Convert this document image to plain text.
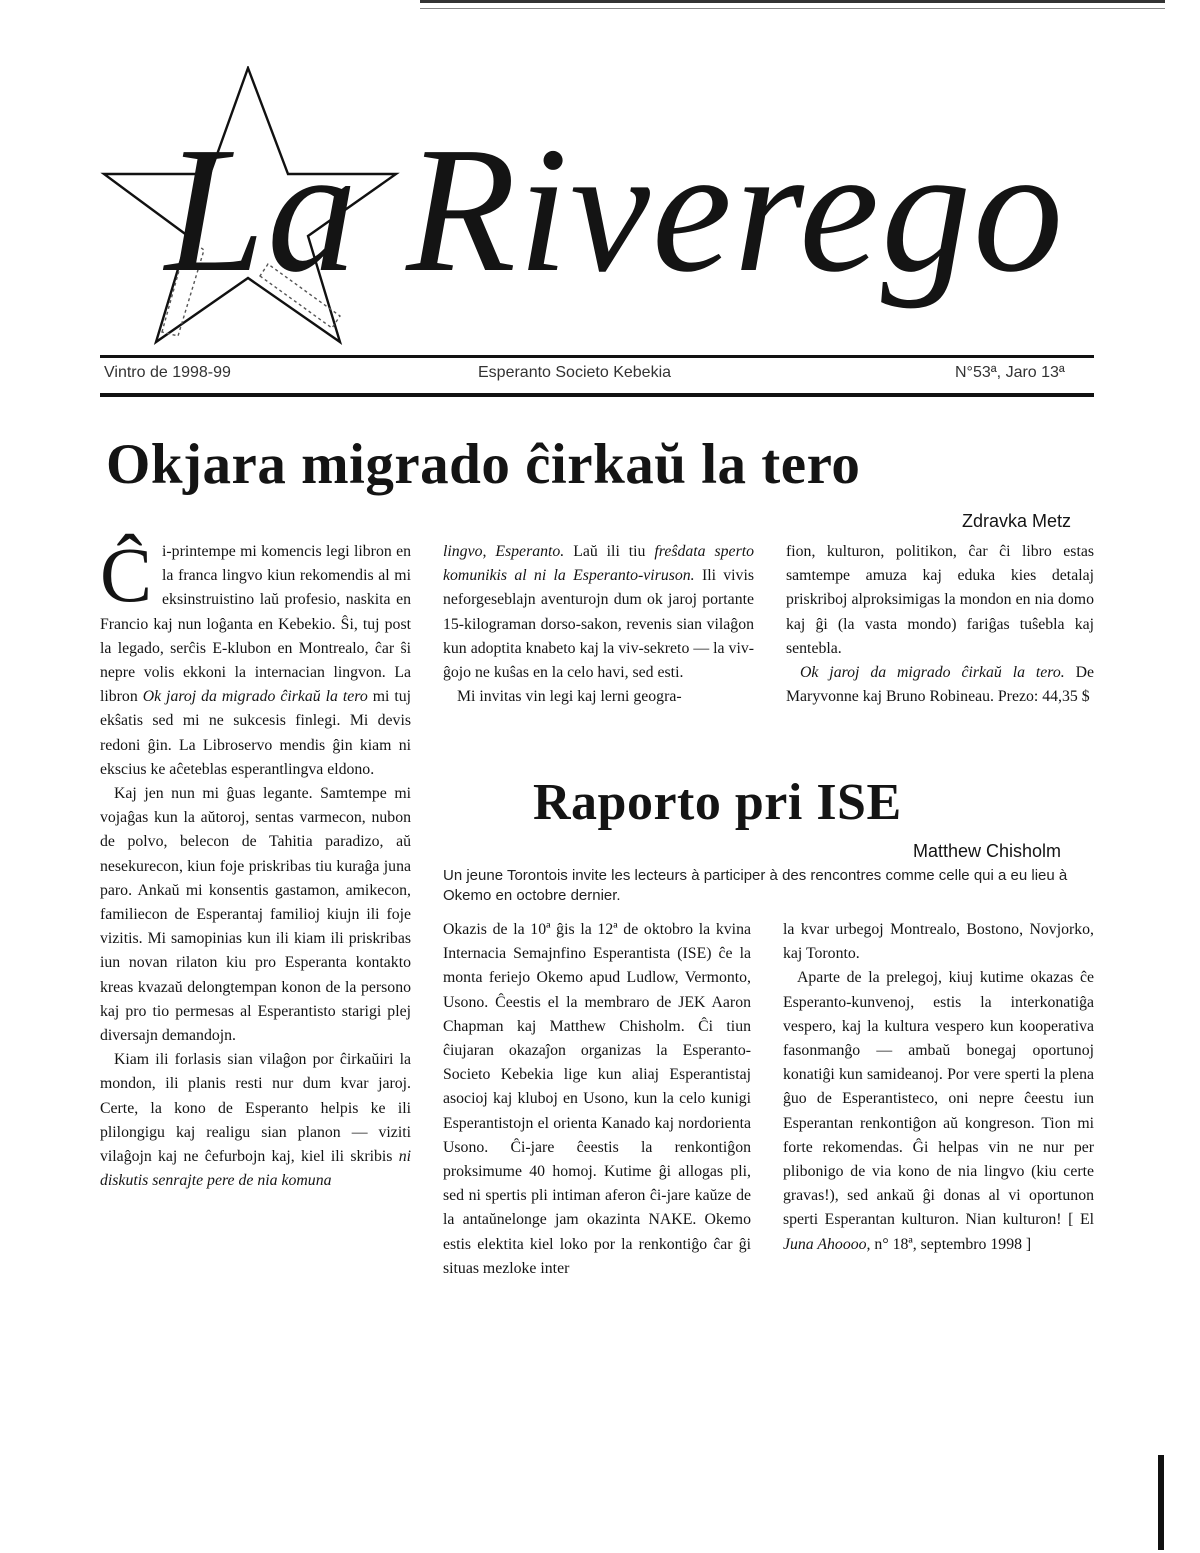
La Riverego
Vintro de 1998-99	Esperanto Societo Kebekia	N°53ª, Jaro 13ª
Okjara migrado ĉirkaŭ la tero
Zdravka Metz

Ĉi-printempe mi komencis legi libron en la franca lingvo kiun rekomendis al mi eksinstruistino laŭ profesio, naskita en Francio kaj nun loĝanta en Kebekio. Ŝi, tuj post la legado, serĉis E-klubon en Montrealo, ĉar ŝi nepre volis ekkoni la internacian lingvon. La libron Ok jaroj da migrado ĉirkaŭ la tero mi tuj ekŝatis sed mi ne sukcesis finlegi. Mi devis redoni ĝin. La Libroservo mendis ĝin kiam ni ekscius ke aĉeteblas esperantlingva eldono.

Kaj jen nun mi ĝuas legante. Samtempe mi vojaĝas kun la aŭtoroj, sentas varmecon, nubon de polvo, belecon de Tahitia paradizo, aŭ nesekurecon, kiun foje priskribas tiu kuraĝa juna paro. Ankaŭ mi konsentis gastamon, amikecon, familiecon de Esperantaj familioj kiujn ili foje vizitis. Mi samopinias kun ili kiam ili priskribas iun novan rilaton kiu pro Esperanta kontakto kreas kvazaŭ delongtempan konon de la persono kaj pro tio permesas al Esperantisto starigi plej diversajn demandojn.

Kiam ili forlasis sian vilaĝon por ĉirkaŭiri la mondon, ili planis resti nur dum kvar jaroj. Certe, la kono de Esperanto helpis ke ili plilongigu kaj realigu sian planon — viziti vilaĝojn kaj ne ĉefurbojn kaj, kiel ili skribis ni diskutis senrajte pere de nia komuna

lingvo, Esperanto. Laŭ ili tiu freŝdata sperto komunikis al ni la Esperanto-viruson. Ili vivis neforgeseblajn aventurojn dum ok jaroj portante 15-kilograman dorso-sakon, revenis sian vilaĝon kun adoptita knabeto kaj la viv-sekreto — la viv-ĝojo ne kuŝas en la celo havi, sed esti.

Mi invitas vin legi kaj lerni geogra-

fion, kulturon, politikon, ĉar ĉi libro estas samtempe amuza kaj eduka kies detalaj priskriboj alproksimigas la mondon en nia domo kaj ĝi (la vasta mondo) fariĝas tuŝebla kaj sentebla.

Ok jaroj da migrado ĉirkaŭ la tero. De Maryvonne kaj Bruno Robineau. Prezo: 44,35 $

Raporto pri ISE
Matthew Chisholm
Un jeune Torontois invite les lecteurs à participer à des rencontres comme celle qui a eu lieu à Okemo en octobre dernier.

Okazis de la 10ª ĝis la 12ª de oktobro la kvina Internacia Semajnfino Esperantista (ISE) ĉe la monta feriejo Okemo apud Ludlow, Vermonto, Usono. Ĉeestis el la membraro de JEK Aaron Chapman kaj Matthew Chisholm. Ĉi tiun ĉiujaran okazaĵon organizas la Esperanto-Societo Kebekia lige kun aliaj Esperantistaj asocioj kaj kluboj en Usono, kun la celo kunigi Esperantistojn el orienta Kanado kaj nordorienta Usono. Ĉi-jare ĉeestis la renkontiĝon proksimume 40 homoj. Kutime ĝi allogas pli, sed ni spertis pli intiman aferon ĉi-jare kaŭze de la antaŭnelonge jam okazinta NAKE. Okemo estis elektita kiel loko por la renkontiĝo ĉar ĝi situas mezloke inter

la kvar urbegoj Montrealo, Bostono, Novjorko, kaj Toronto.

Aparte de la prelegoj, kiuj kutime okazas ĉe Esperanto-kunvenoj, estis la interkonatiĝa vespero, kaj la kultura vespero kun kooperativa fasonmanĝo — ambaŭ bonegaj oportunoj konatiĝi kun samideanoj. Por vere sperti la plena ĝuo de Esperantisteco, oni nepre ĉeestu iun Esperantan renkontiĝon aŭ kongreson. Tion mi forte rekomendas. Ĝi helpas vin ne nur per plibonigo de via kono de nia lingvo (kiu certe gravas!), sed ankaŭ ĝi donas al vi oportunon sperti Esperantan kulturon. Nian kulturon! [ El Juna Ahoooo, n° 18ª, septembro 1998 ]
